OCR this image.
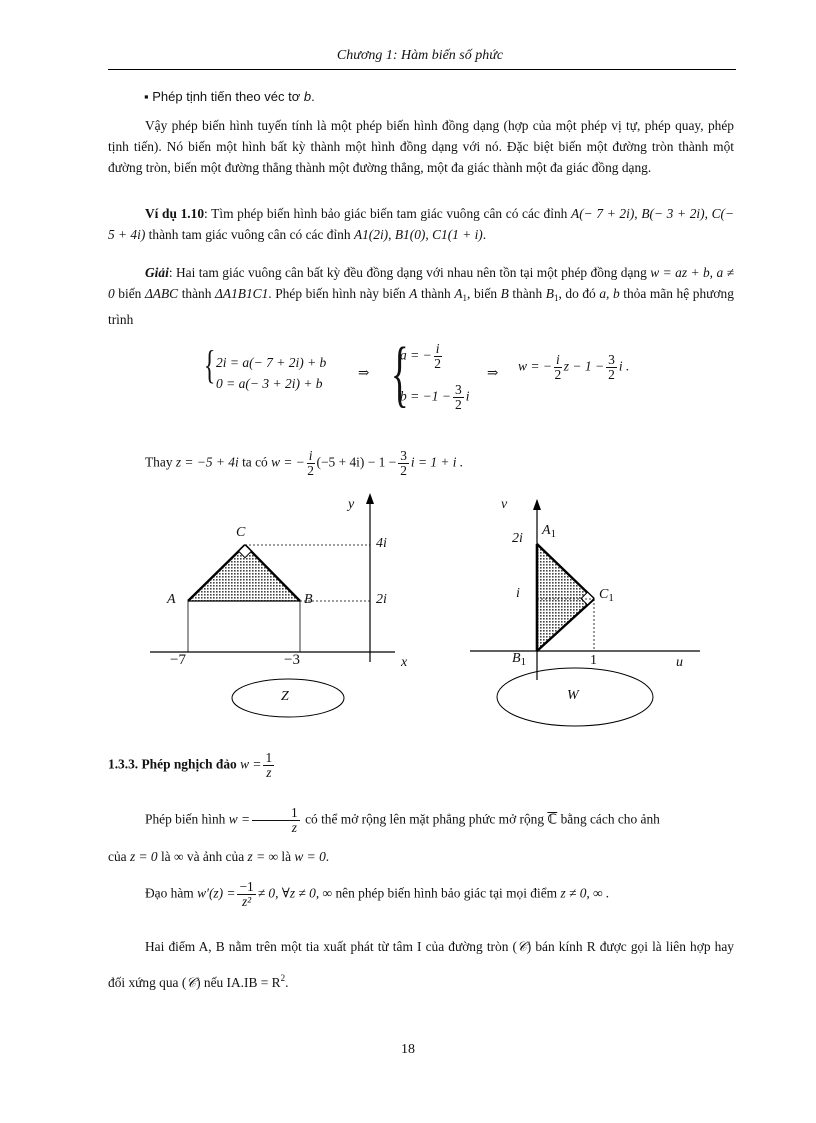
Chương 1: Hàm biến số phức
▪ Phép tịnh tiến theo véc tơ b.
Vậy phép biến hình tuyến tính là một phép biến hình đồng dạng (hợp của một phép vị tự, phép quay, phép tịnh tiến). Nó biến một hình bất kỳ thành một hình đồng dạng với nó. Đặc biệt biến một đường tròn thành một đường tròn, biến một đường thẳng thành một đường thẳng, một đa giác thành một đa giác đồng dạng.
Ví dụ 1.10: Tìm phép biến hình bảo giác biến tam giác vuông cân có các đỉnh A(− 7 + 2i), B(− 3 + 2i), C(− 5 + 4i) thành tam giác vuông cân có các đỉnh A1(2i), B1(0), C1(1 + i).
Giải: Hai tam giác vuông cân bất kỳ đều đồng dạng với nhau nên tồn tại một phép đồng dạng w = az + b, a ≠ 0 biến ΔABC thành ΔA1B1C1. Phép biến hình này biến A thành $A_1$, biến B thành $B_1$, do đó a, b thỏa mãn hệ phương trình
{ 2i = a(− 7 + 2i) + b
0 = a(− 3 + 2i) + b
⇒ {
a = − $\frac{i}{2}$
$b = -1 - \frac{3}{2}$ i
⇒ w = − $\frac{i}{2}$ $z - 1 - \frac{3}{2}$ i .
Thay z = −5 + 4i ta có w = − $\frac{i}{2} (-5 + 4i) - 1 - \frac{3}{2}$ i = 1 + i .
y
C
4i
A	B	2i
−7	−3	x
Z
v
$A_1$
2i
i	$C_1$
$B_1$	1	u
W
1.3.3. Phép nghịch đảo $w = \frac{1}{z}$
Phép biến hình $w = \frac{1}{z}$ có thể mở rộng lên mặt phẳng phức mở rộng ℂ bằng cách cho ảnh
của z = 0 là ∞ và ảnh của z = ∞ là w = 0.
Đạo hàm $w'(z) = \frac{-1}{\text{z²}} \ne 0$, ∀z ≠ 0, ∞ nên phép biến hình bảo giác tại mọi điểm z ≠ 0, ∞ .
Hai điểm A, B nằm trên một tia xuất phát từ tâm I của đường tròn (𝒞) bán kính R được gọi là liên hợp hay đối xứng qua (𝒞) nếu $IA.IB = R^2$.
18
